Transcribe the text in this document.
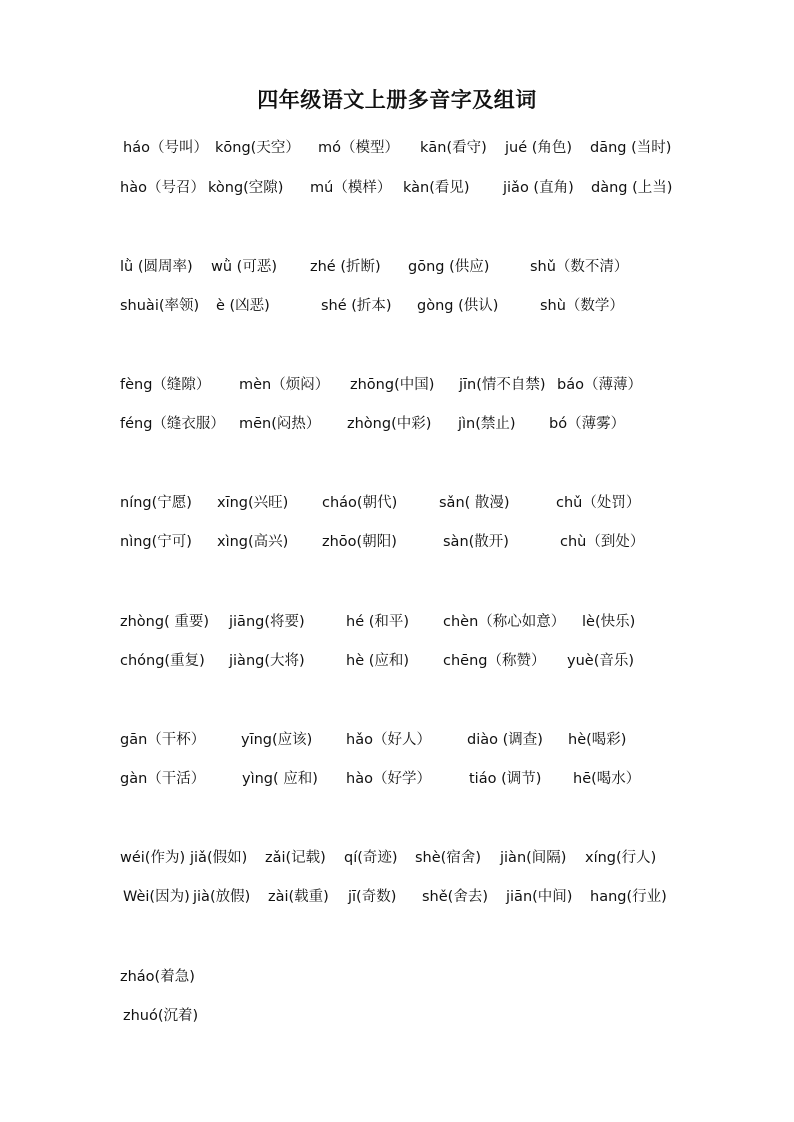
四年级语文上册多音字及组词
háo（号叫） kōng(天空） mó（模型） kān(看守) jué (角色) dāng (当时)
hào（号召） kòng(空隙) mú（模样） kàn(看见) jiǎo (直角) dàng (上当)
lǜ (圆周率) wǜ (可恶) zhé (折断) gōng (供应)	shǔ（数不清）
shuài(率领) è (凶恶)	shé (折本) gòng (供认)	shù（数学）
fèng（缝隙） mèn（烦闷） zhōng(中国) jīn(情不自禁) báo（薄薄）
féng（缝衣服） mēn(闷热） zhòng(中彩) jìn(禁止) bó（薄雾）
níng(宁愿) xīng(兴旺) cháo(朝代)	sǎn( 散漫)	chǔ（处罚）
nìng(宁可) xìng(高兴) zhōo(朝阳)	sàn(散开)	chù（到处）
zhòng( 重要) jiāng(将要)	hé (和平) chèn（称心如意） lè(快乐)
chóng(重复) jiàng(大将)	hè (应和) chēng（称赞） yuè(音乐)
gān（干杯） yīng(应该) hǎo（好人） diào (调查) hè(喝彩)
gàn（干活）	yìng( 应和) hào（好学）	tiáo (调节) hē(喝水）
wéi(作为) jiǎ(假如) zǎi(记载) qí(奇迹) shè(宿舍) jiàn(间隔) xíng(行人)
Wèi(因为) jià(放假) zài(载重) jī(奇数) shě(舍去) jiān(中间) hang(行业)
zháo(着急)
zhuó(沉着)
